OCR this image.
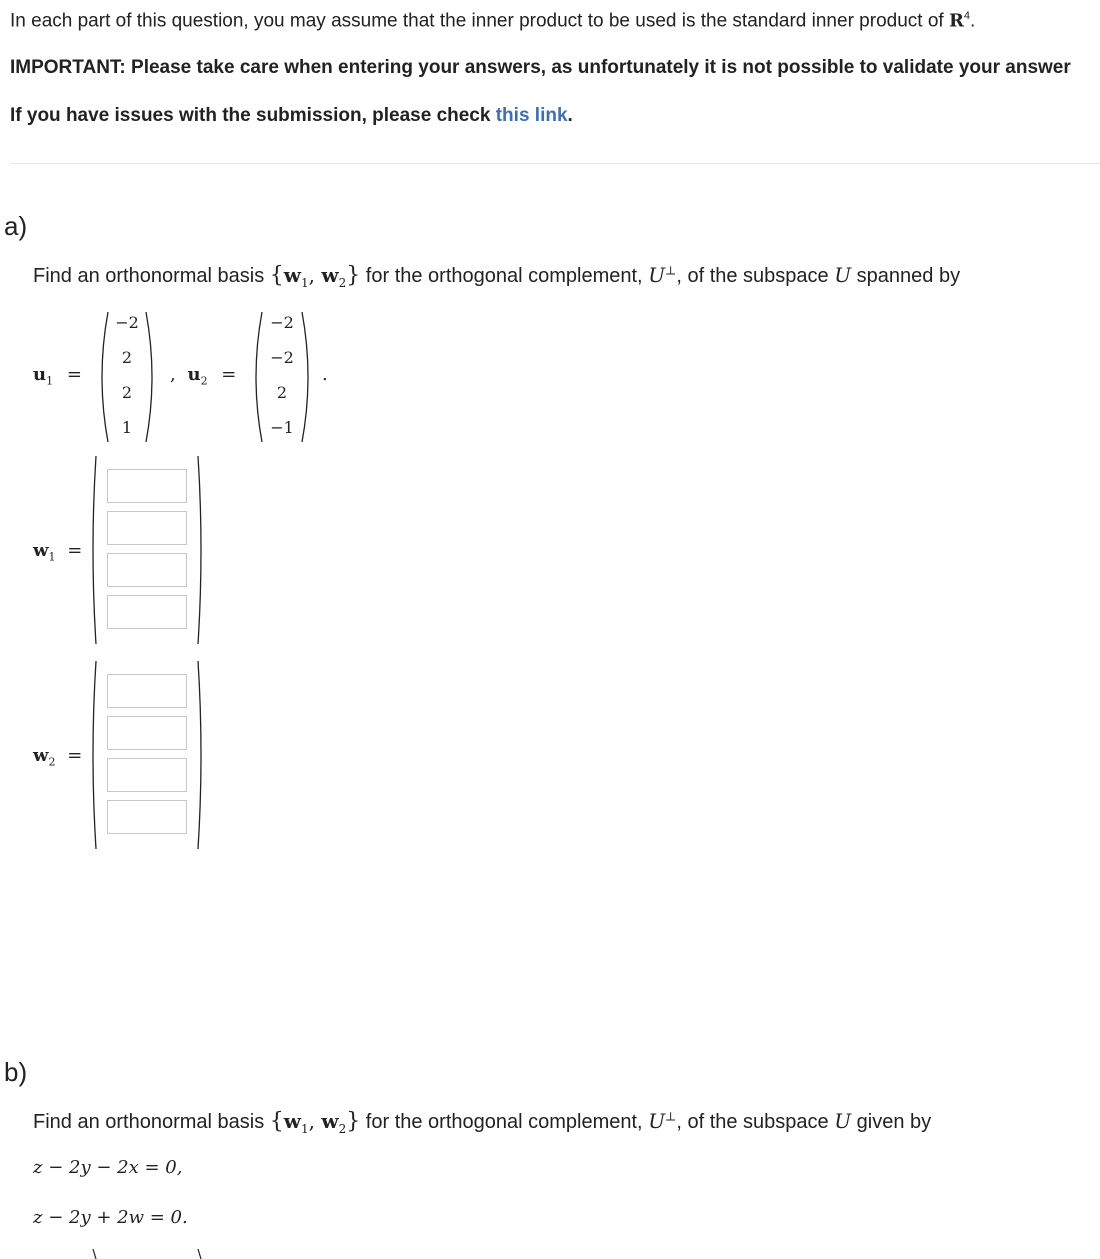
In each part of this question, you may assume that the inner product to be used is the standard inner product of $R^4$.
IMPORTANT: Please take care when entering your answers, as unfortunately it is not possible to validate your answer
If you have issues with the submission, please check this link.
a)
Find an orthonormal basis {$w_1$, $w_2$} for the orthogonal complement, U⊥, of the subspace U spanned by
$u_1$ =
−2
2
2
1
, $u_2$ =
−2
−2
2
−1
.
$w_1$ =
$w_2$ =
b)
Find an orthonormal basis {$w_1$, $w_2$} for the orthogonal complement, U⊥, of the subspace U given by
z − 2y − 2x = 0,
z − 2y + 2w = 0.
